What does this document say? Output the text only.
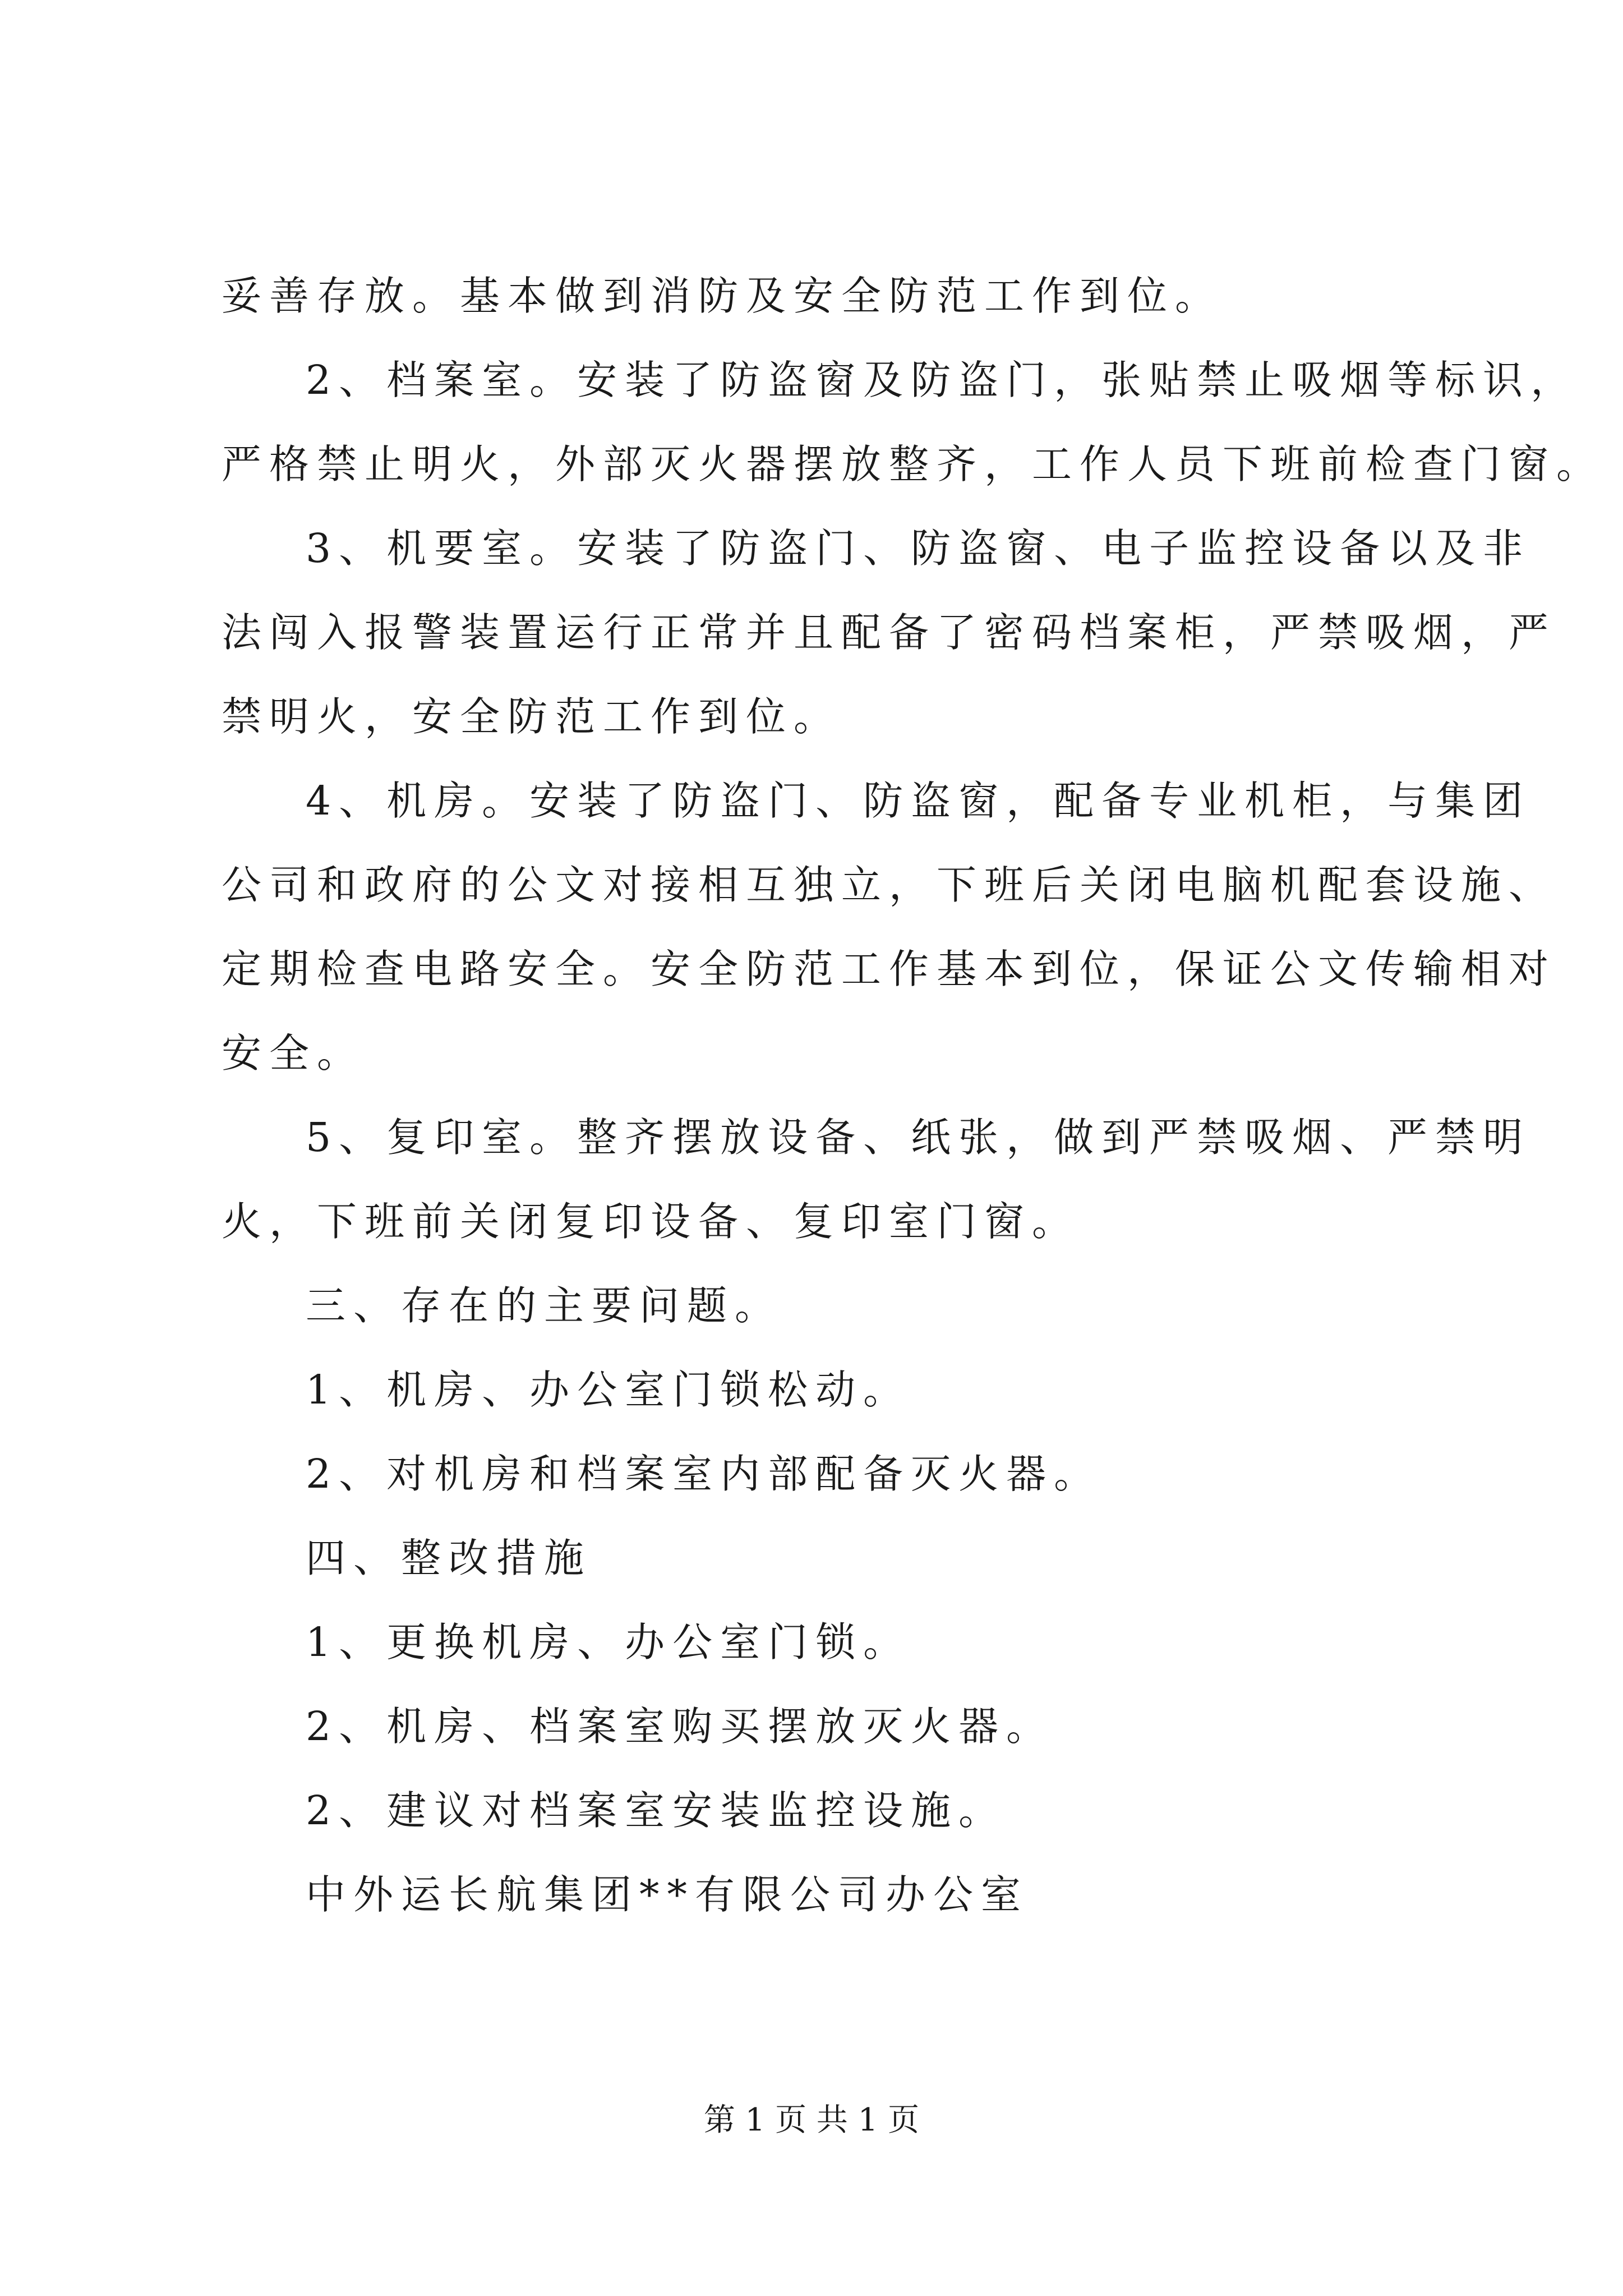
妥善存放。基本做到消防及安全防范工作到位。
2、档案室。安装了防盗窗及防盗门，张贴禁止吸烟等标识，
严格禁止明火，外部灭火器摆放整齐，工作人员下班前检查门窗。
3、机要室。安装了防盗门、防盗窗、电子监控设备以及非
法闯入报警装置运行正常并且配备了密码档案柜，严禁吸烟，严
禁明火，安全防范工作到位。
4、机房。安装了防盗门、防盗窗，配备专业机柜，与集团
公司和政府的公文对接相互独立，下班后关闭电脑机配套设施、
定期检查电路安全。安全防范工作基本到位，保证公文传输相对
安全。
5、复印室。整齐摆放设备、纸张，做到严禁吸烟、严禁明
火，下班前关闭复印设备、复印室门窗。
三、存在的主要问题。
1、机房、办公室门锁松动。
2、对机房和档案室内部配备灭火器。
四、整改措施
1、更换机房、办公室门锁。
2、机房、档案室购买摆放灭火器。
2、建议对档案室安装监控设施。
中外运长航集团**有限公司办公室
第 1 页 共 1 页
